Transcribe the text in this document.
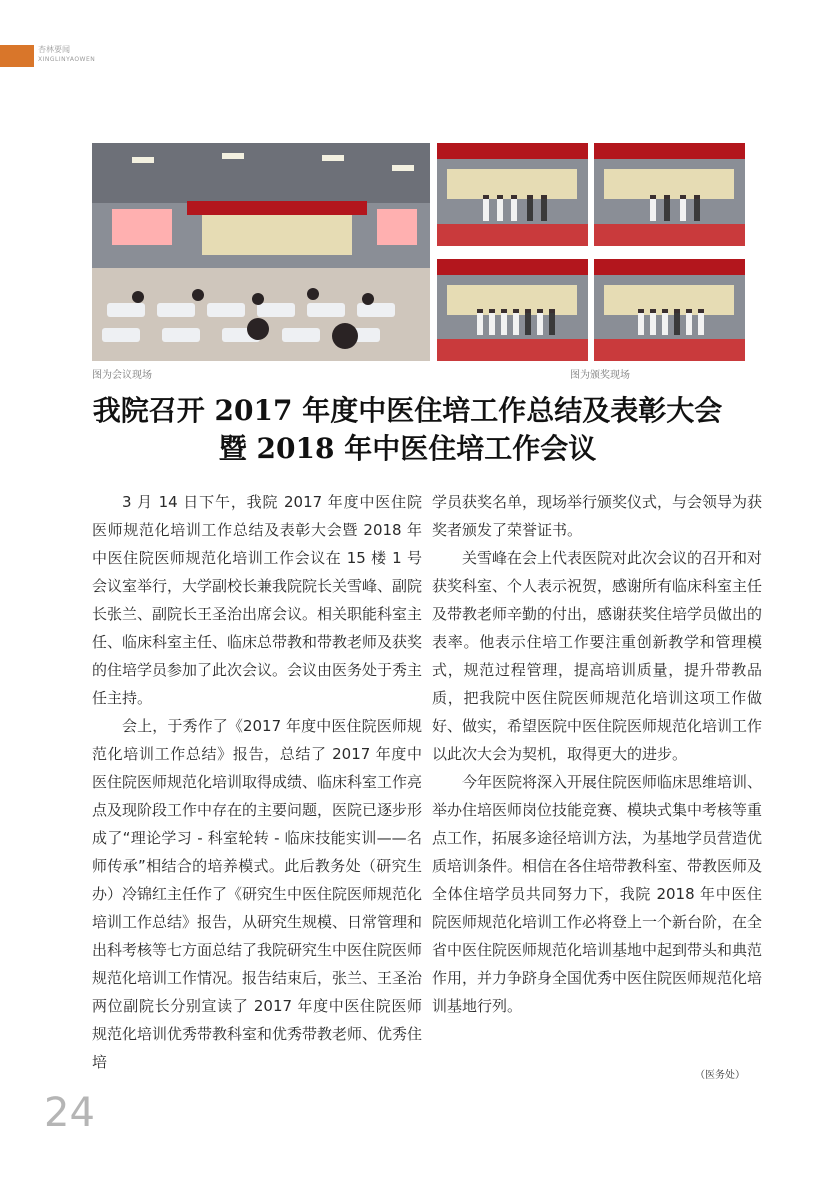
杏林要闻
XINGLINYAOWEN
图为会议现场	图为颁奖现场
我院召开 2017 年度中医住培工作总结及表彰大会
暨 2018 年中医住培工作会议

3 月 14 日下午，我院 2017 年度中医住院医师规范化培训工作总结及表彰大会暨 2018 年中医住院医师规范化培训工作会议在 15 楼 1 号会议室举行，大学副校长兼我院院长关雪峰、副院长张兰、副院长王圣治出席会议。相关职能科室主任、临床科室主任、临床总带教和带教老师及获奖的住培学员参加了此次会议。会议由医务处于秀主任主持。

会上，于秀作了《2017 年度中医住院医师规范化培训工作总结》报告，总结了 2017 年度中医住院医师规范化培训取得成绩、临床科室工作亮点及现阶段工作中存在的主要问题，医院已逐步形成了“理论学习 - 科室轮转 - 临床技能实训——名师传承”相结合的培养模式。此后教务处（研究生办）冷锦红主任作了《研究生中医住院医师规范化培训工作总结》报告，从研究生规模、日常管理和出科考核等七方面总结了我院研究生中医住院医师规范化培训工作情况。报告结束后，张兰、王圣治两位副院长分别宣读了 2017 年度中医住院医师规范化培训优秀带教科室和优秀带教老师、优秀住培

学员获奖名单，现场举行颁奖仪式，与会领导为获奖者颁发了荣誉证书。

关雪峰在会上代表医院对此次会议的召开和对获奖科室、个人表示祝贺，感谢所有临床科室主任及带教老师辛勤的付出，感谢获奖住培学员做出的表率。他表示住培工作要注重创新教学和管理模式，规范过程管理，提高培训质量，提升带教品质，把我院中医住院医师规范化培训这项工作做好、做实，希望医院中医住院医师规范化培训工作以此次大会为契机，取得更大的进步。

今年医院将深入开展住院医师临床思维培训、举办住培医师岗位技能竞赛、模块式集中考核等重点工作，拓展多途径培训方法，为基地学员营造优质培训条件。相信在各住培带教科室、带教医师及全体住培学员共同努力下，我院 2018 年中医住院医师规范化培训工作必将登上一个新台阶，在全省中医住院医师规范化培训基地中起到带头和典范作用，并力争跻身全国优秀中医住院医师规范化培训基地行列。

（医务处）
24
